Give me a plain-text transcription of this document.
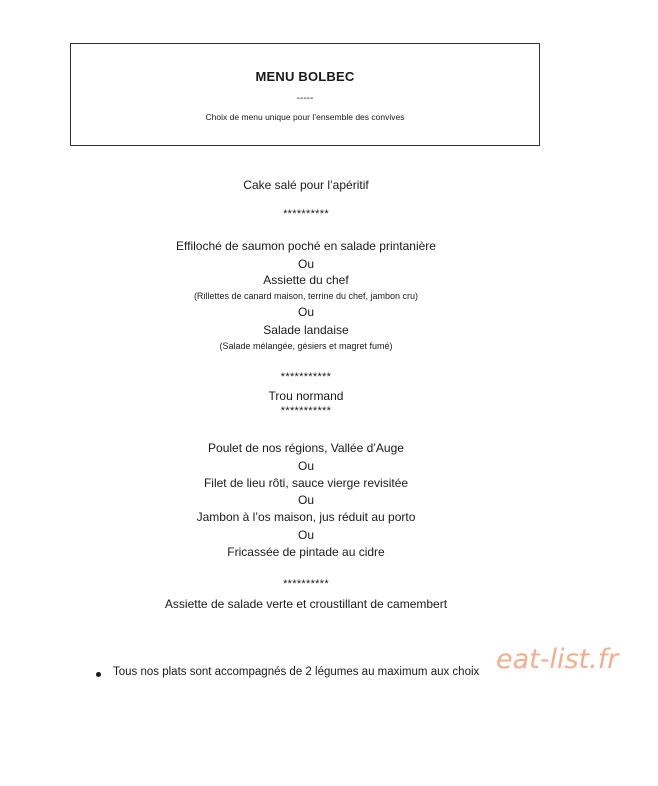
MENU BOLBEC
-----
Choix de menu unique pour l’ensemble des convives
Cake salé pour l’apéritif
**********
Effiloché de saumon poché en salade printanière
Ou
Assiette du chef
(Rillettes de canard maison, terrine du chef, jambon cru)
Ou
Salade landaise
(Salade mélangée, gésiers et magret fumé)
***********
Trou normand
***********
Poulet de nos régions, Vallée d’Auge
Ou
Filet de lieu rôti, sauce vierge revisitée
Ou
Jambon à l’os maison, jus réduit au porto
Ou
Fricassée de pintade au cidre
**********
Assiette de salade verte et croustillant de camembert
Tous nos plats sont accompagnés de 2 légumes au maximum aux choix eat-list.fr
